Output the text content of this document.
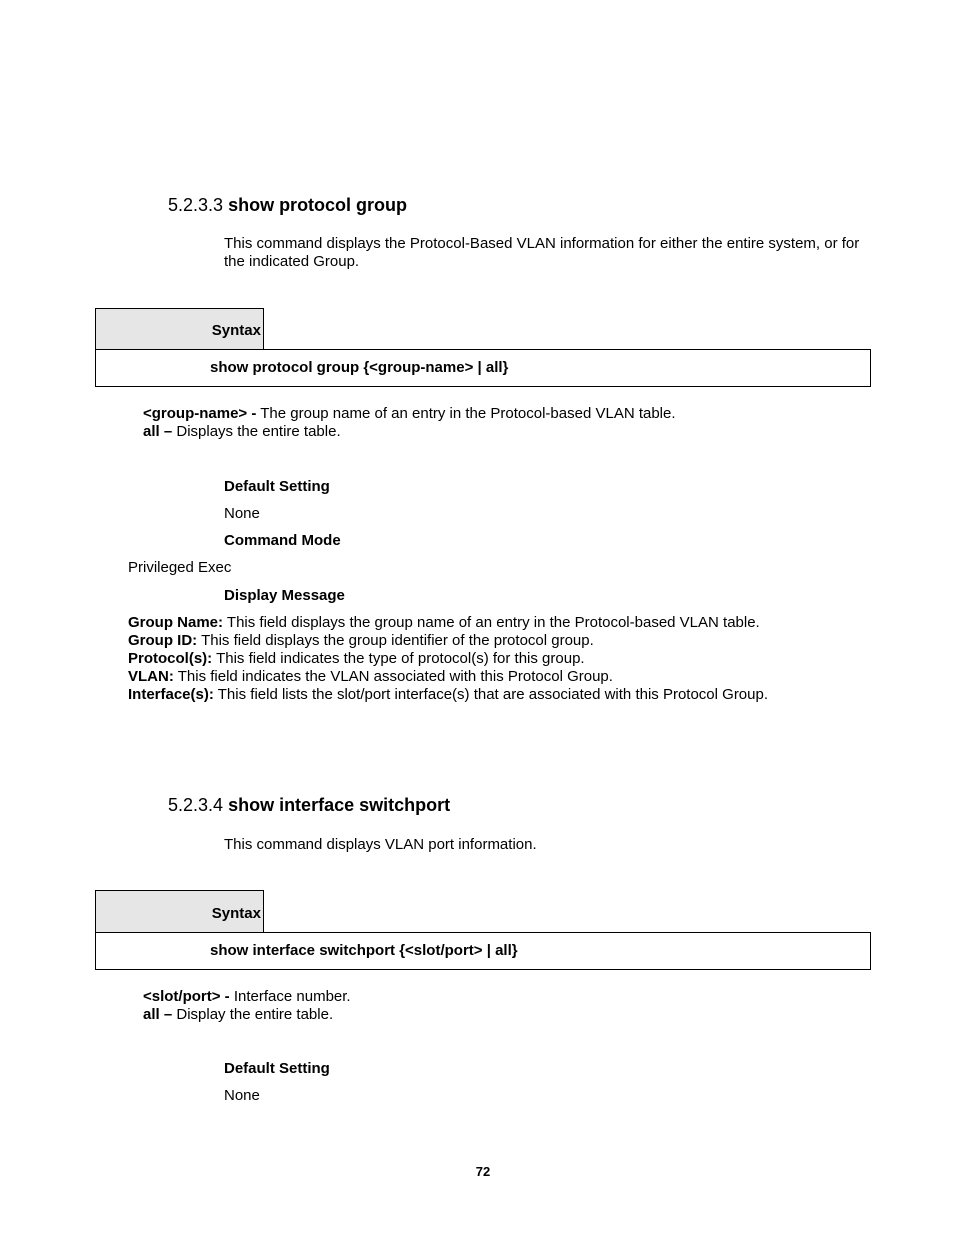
5.2.3.3 show protocol group
This command displays the Protocol-Based VLAN information for either the entire system, or for the indicated Group.
Syntax
show protocol group {<group-name> | all}
<group-name> - The group name of an entry in the Protocol-based VLAN table.
all – Displays the entire table.
Default Setting
None
Command Mode
Privileged Exec
Display Message
Group Name: This field displays the group name of an entry in the Protocol-based VLAN table.
Group ID: This field displays the group identifier of the protocol group.
Protocol(s): This field indicates the type of protocol(s) for this group.
VLAN: This field indicates the VLAN associated with this Protocol Group.
Interface(s): This field lists the slot/port interface(s) that are associated with this Protocol Group.
5.2.3.4 show interface switchport
This command displays VLAN port information.
Syntax
show interface switchport {<slot/port> | all}
<slot/port> - Interface number.
all – Display the entire table.
Default Setting
None
72
